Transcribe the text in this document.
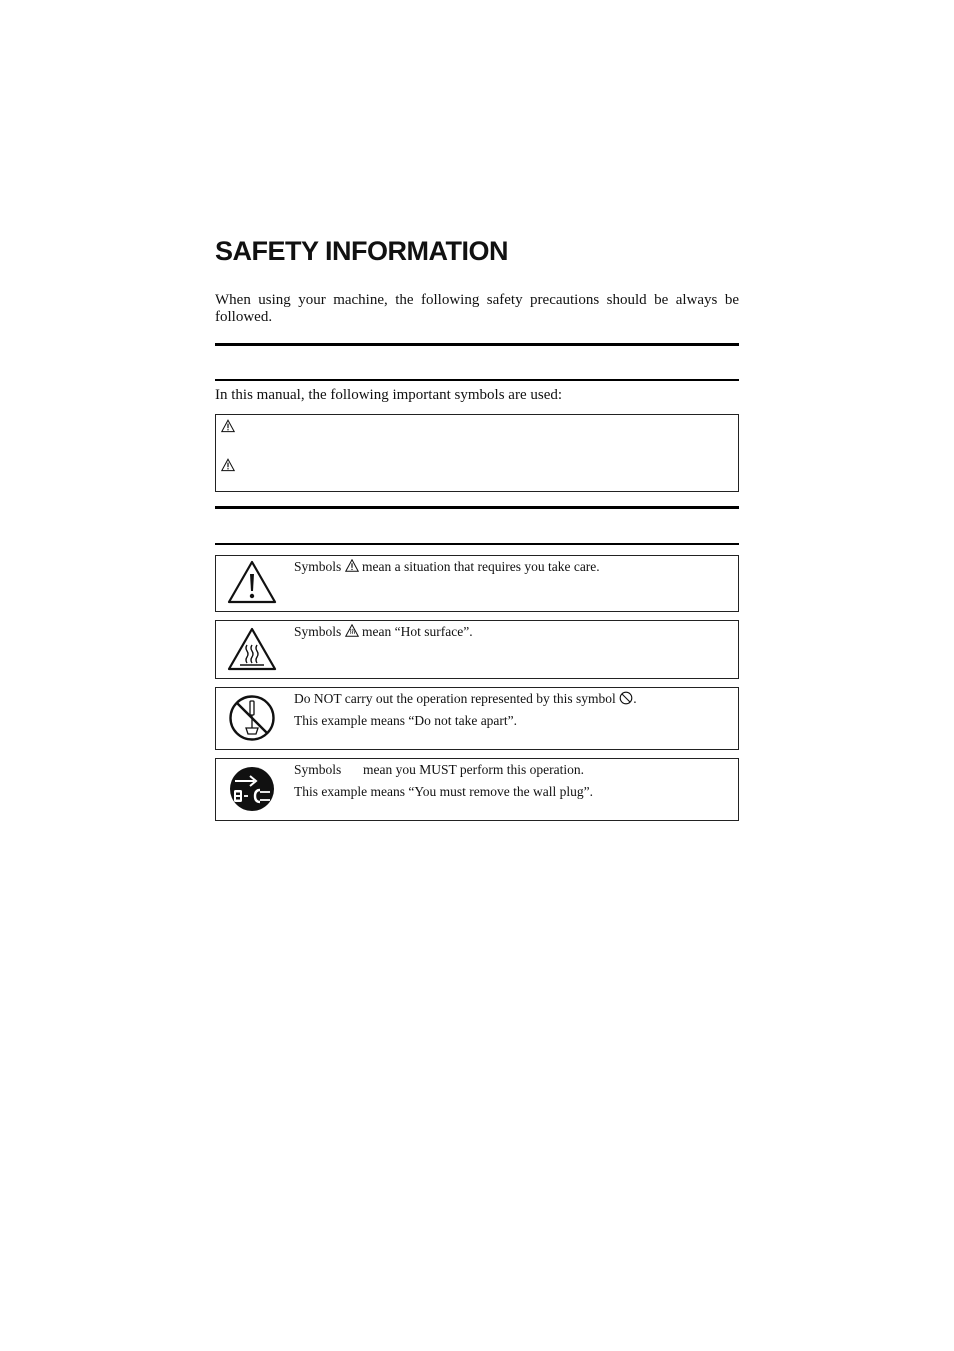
SAFETY INFORMATION

When using your machine, the following safety precautions should be always be followed.

In this manual, the following important symbols are used:

Symbols mean a situation that requires you take care.
Symbols mean “Hot surface”.
Do NOT carry out the operation represented by this symbol .
This example means “Do not take apart”.
Symbols mean you MUST perform this operation.
This example means “You must remove the wall plug”.
